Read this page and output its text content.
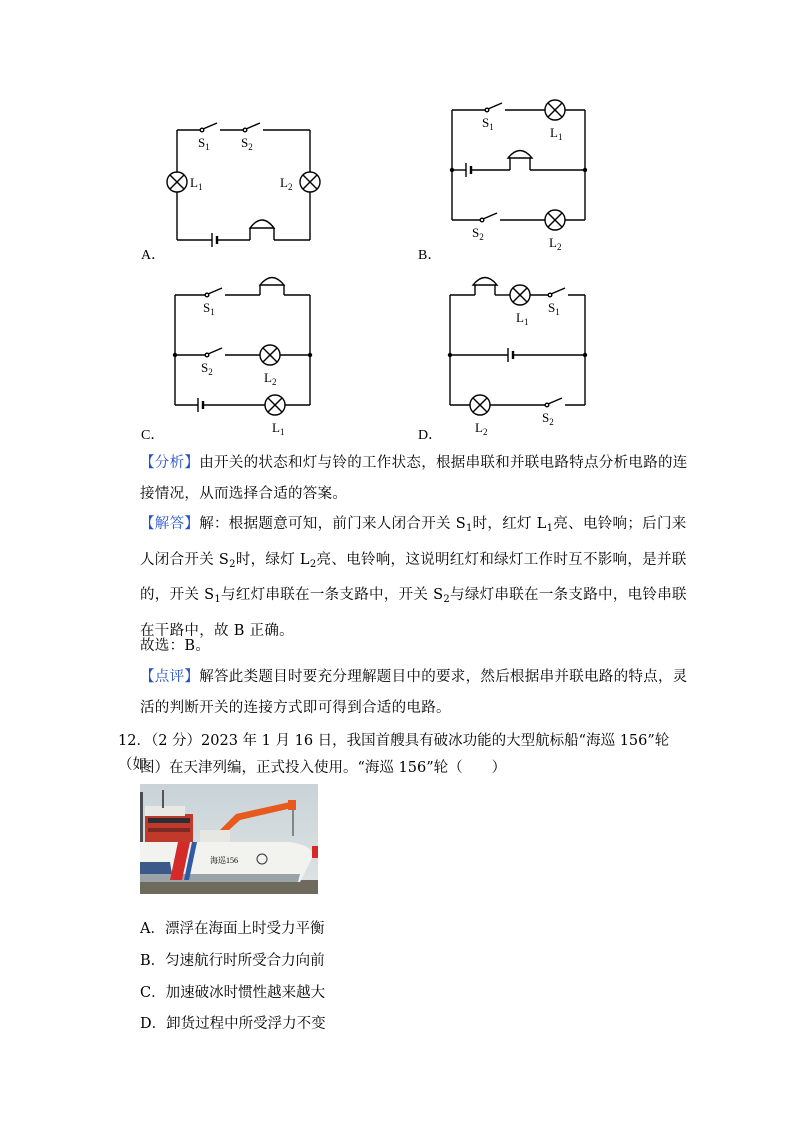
$S_1$ $S_2$
$L_1$	$L_2$
A．
$S_1$	$L_1$
$S_2$	$L_2$
B．
$S_1$
$S_2$	$L_2$
$L_1$
C．
$L_1$
$S_1$
$L_2$
$S_2$
D．
【分析】由开关的状态和灯与铃的工作状态，根据串联和并联电路特点分析电路的连接情况，从而选择合适的答案。
【解答】解：根据题意可知，前门来人闭合开关 $S_1$时，红灯 $L_1$亮、电铃响；后门来人闭合开关 $S_2$时，绿灯 $L_2$亮、电铃响，这说明红灯和绿灯工作时互不影响，是并联的，开关 $S_1$与红灯串联在一条支路中，开关 $S_2$与绿灯串联在一条支路中，电铃串联在干路中，故 B 正确。
故选：B。
【点评】解答此类题目时要充分理解题目中的要求，然后根据串并联电路的特点，灵活的判断开关的连接方式即可得到合适的电路。
12．（2 分）2023 年 1 月 16 日，我国首艘具有破冰功能的大型航标船“海巡 156”轮（如
图）在天津列编，正式投入使用。“海巡 156”轮（　　）
海巡156
A．漂浮在海面上时受力平衡
B．匀速航行时所受合力向前
C．加速破冰时惯性越来越大
D．卸货过程中所受浮力不变
